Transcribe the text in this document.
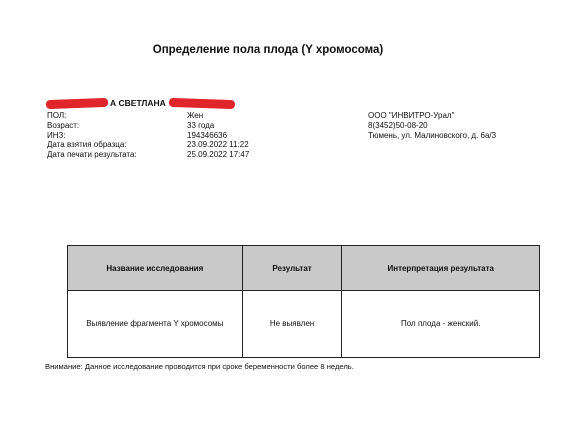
Определение пола плода (Y хромосома)
А СВЕТЛАНА
ПОЛ:	Жен
Возраст:	33 года
ИНЗ:	194346636
Дата взятия образца:	23.09.2022 11:22
Дата печати результата:	25.09.2022 17:47
ООО "ИНВИТРО-Урал"
8(3452)50-08-20
Тюмень, ул. Малиновского, д. 6а/3
Название исследования	Результат	Интерпретация результата
Выявление фрагмента Y хромосомы	Не выявлен	Пол плода - женский.
Внимание: Данное исследование проводится при сроке беременности более 8 недель.
